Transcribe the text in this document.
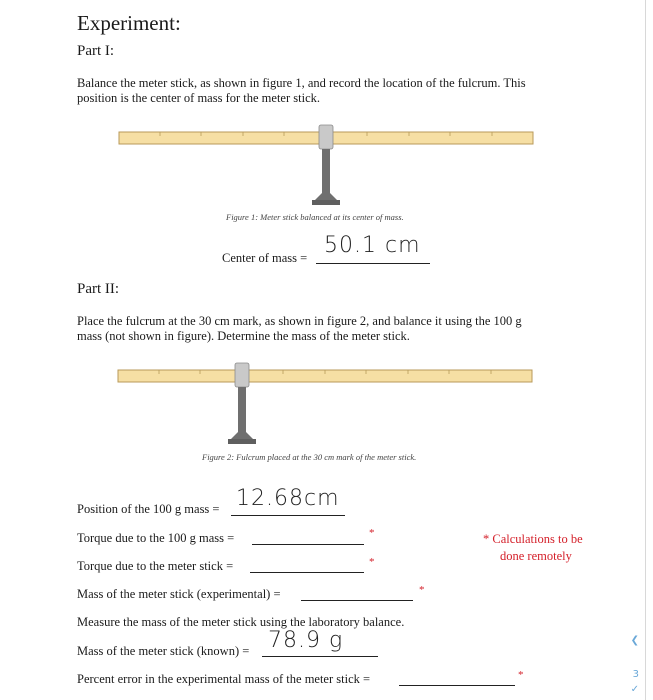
Experiment:
Part I:
Balance the meter stick, as shown in figure 1, and record the location of the fulcrum. This
position is the center of mass for the meter stick.
Figure 1: Meter stick balanced at its center of mass.
Center of mass = 50.1 cm
Part II:
Place the fulcrum at the 30 cm mark, as shown in figure 2, and balance it using the 100 g
mass (not shown in figure). Determine the mass of the meter stick.
Figure 2: Fulcrum placed at the 30 cm mark of the meter stick.
Position of the 100 g mass = 12.68cm
Torque due to the 100 g mass =	*
Torque due to the meter stick =	*
Mass of the meter stick (experimental) =	*
Measure the mass of the meter stick using the laboratory balance.
Mass of the meter stick (known) = 78.9 g
Percent error in the experimental mass of the meter stick =	*
* Calculations to be
done remotely
❮
3
✓
